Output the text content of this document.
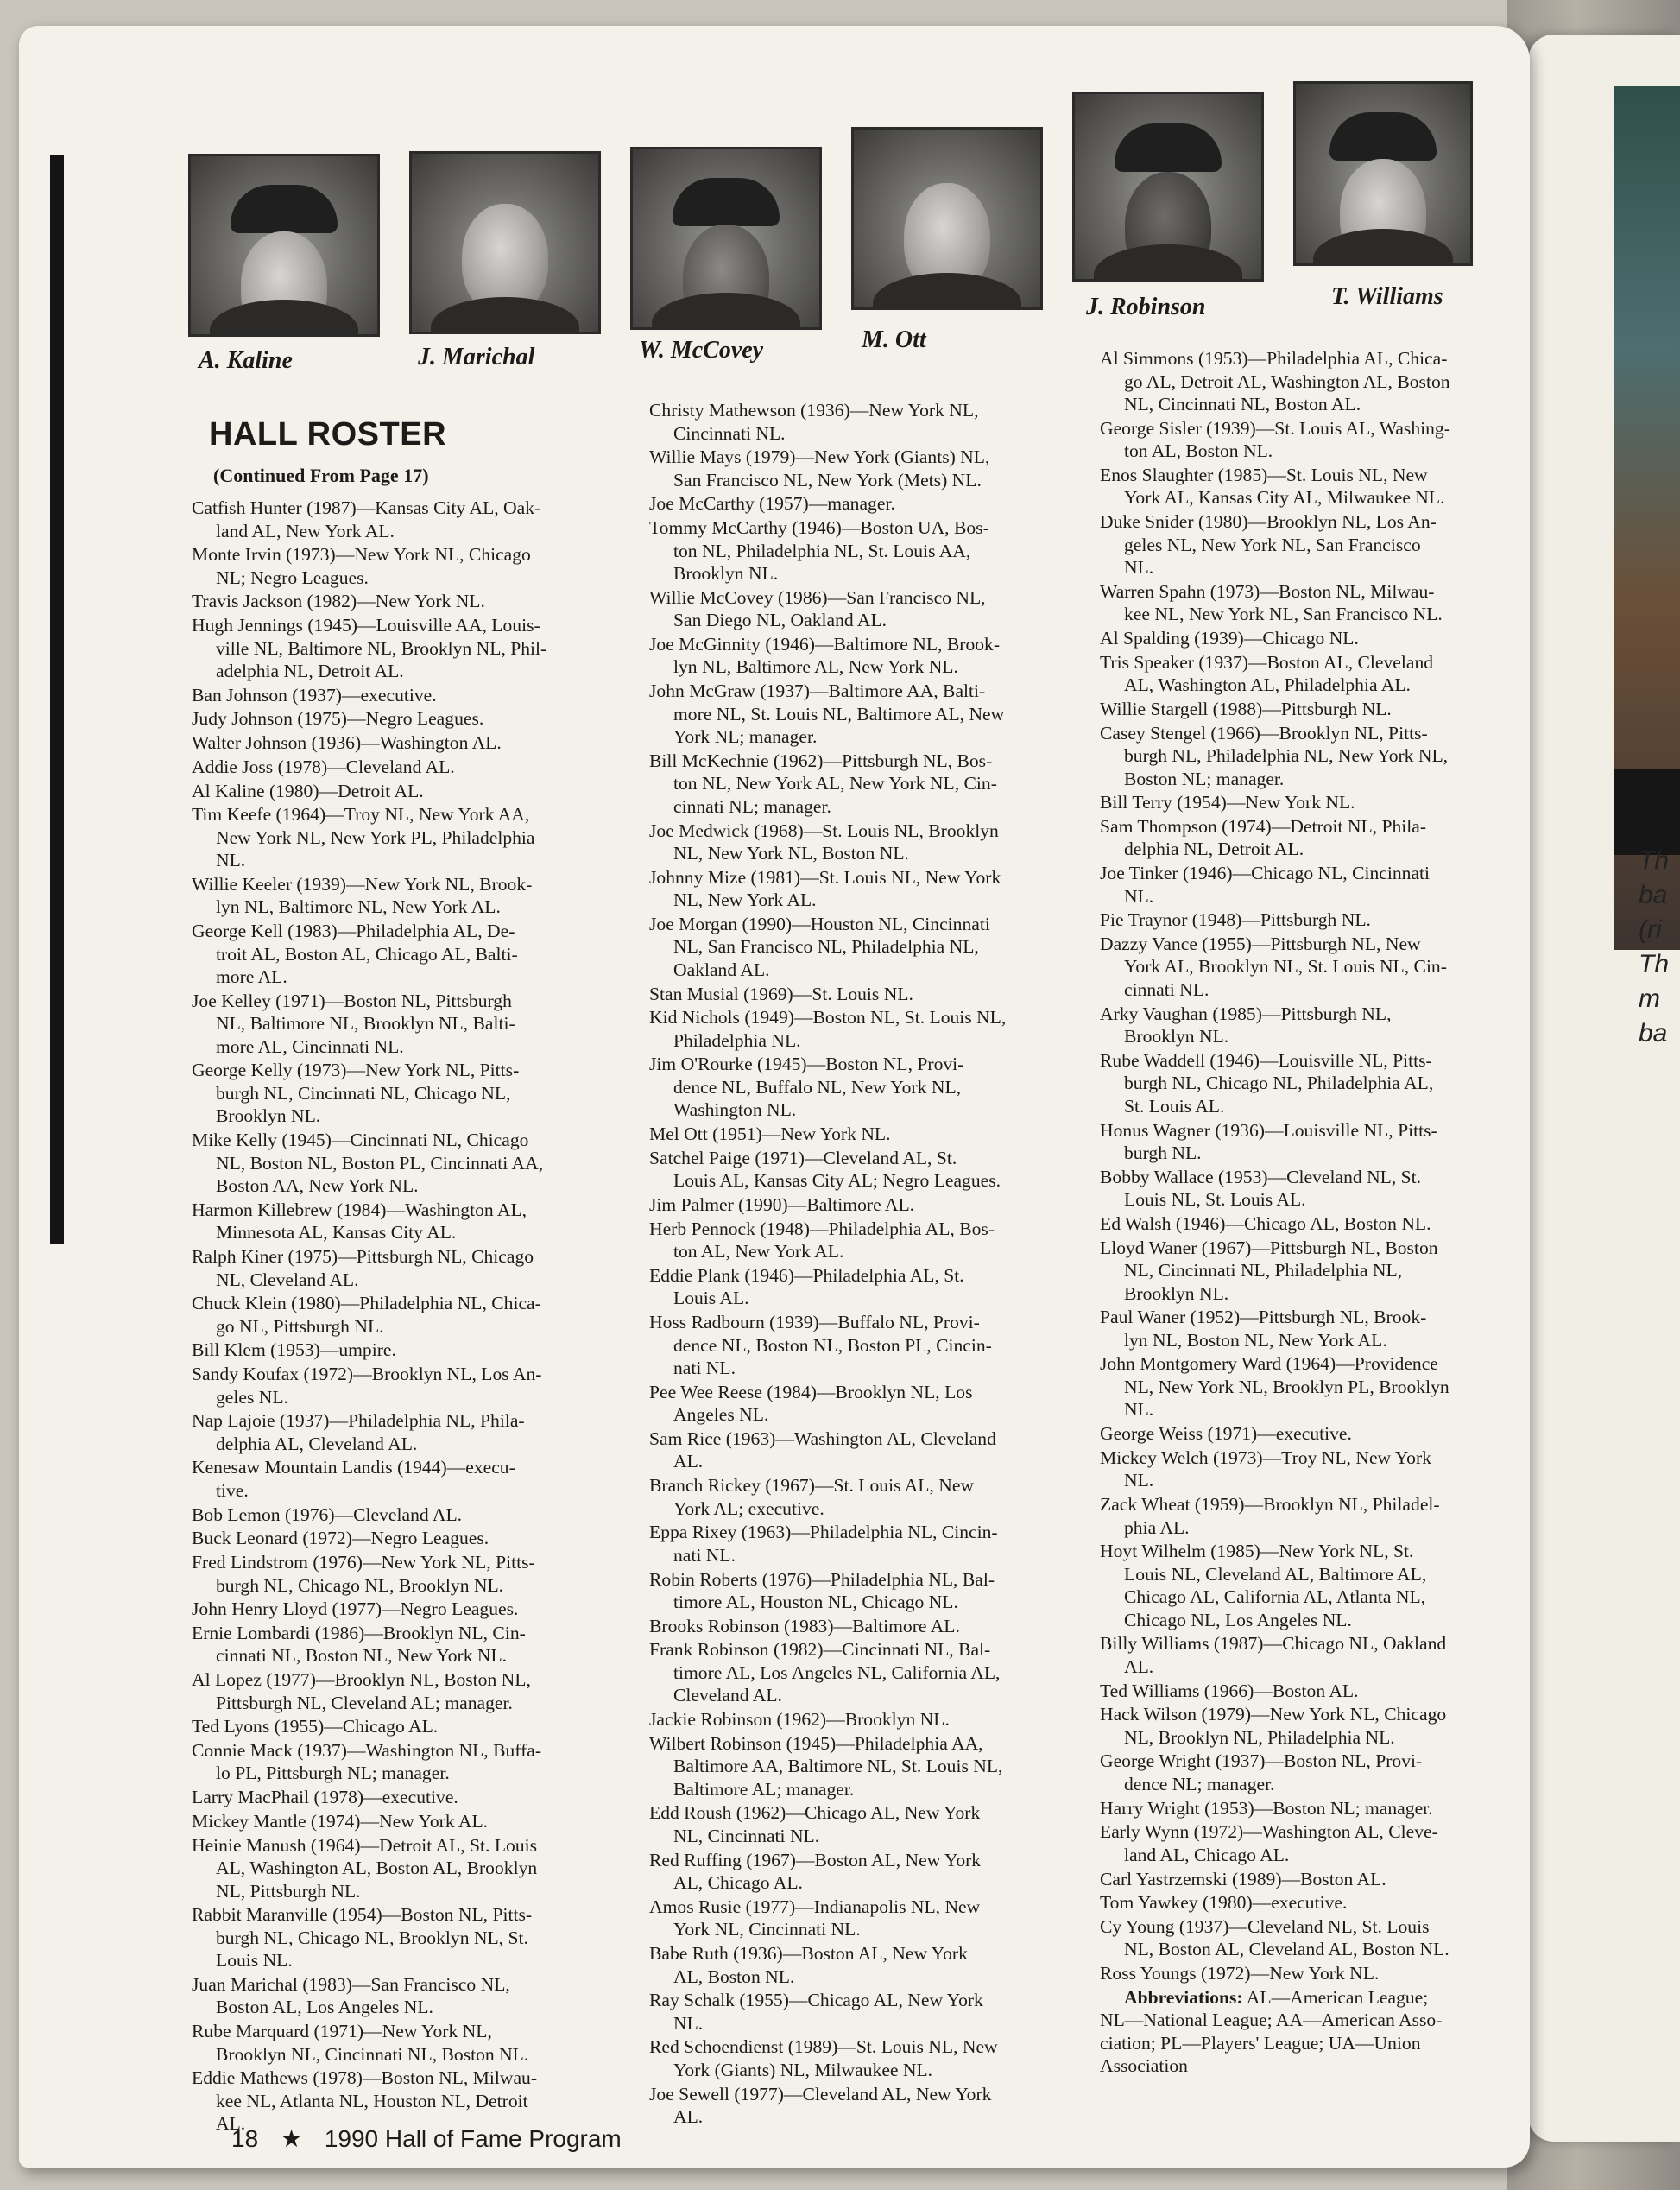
Th
ba
(ri
Th
m
ba
A. Kaline	J. Marichal	W. McCovey	M. Ott
J. Robinson	T. Williams
HALL ROSTER
(Continued From Page 17)
Catfish Hunter (1987)—Kansas City AL, Oak-
land AL, New York AL.
Monte Irvin (1973)—New York NL, Chicago
NL; Negro Leagues.
Travis Jackson (1982)—New York NL.
Hugh Jennings (1945)—Louisville AA, Louis-
ville NL, Baltimore NL, Brooklyn NL, Phil-
adelphia NL, Detroit AL.
Ban Johnson (1937)—executive.
Judy Johnson (1975)—Negro Leagues.
Walter Johnson (1936)—Washington AL.
Addie Joss (1978)—Cleveland AL.
Al Kaline (1980)—Detroit AL.
Tim Keefe (1964)—Troy NL, New York AA,
New York NL, New York PL, Philadelphia
NL.
Willie Keeler (1939)—New York NL, Brook-
lyn NL, Baltimore NL, New York AL.
George Kell (1983)—Philadelphia AL, De-
troit AL, Boston AL, Chicago AL, Balti-
more AL.
Joe Kelley (1971)—Boston NL, Pittsburgh
NL, Baltimore NL, Brooklyn NL, Balti-
more AL, Cincinnati NL.
George Kelly (1973)—New York NL, Pitts-
burgh NL, Cincinnati NL, Chicago NL,
Brooklyn NL.
Mike Kelly (1945)—Cincinnati NL, Chicago
NL, Boston NL, Boston PL, Cincinnati AA,
Boston AA, New York NL.
Harmon Killebrew (1984)—Washington AL,
Minnesota AL, Kansas City AL.
Ralph Kiner (1975)—Pittsburgh NL, Chicago
NL, Cleveland AL.
Chuck Klein (1980)—Philadelphia NL, Chica-
go NL, Pittsburgh NL.
Bill Klem (1953)—umpire.
Sandy Koufax (1972)—Brooklyn NL, Los An-
geles NL.
Nap Lajoie (1937)—Philadelphia NL, Phila-
delphia AL, Cleveland AL.
Kenesaw Mountain Landis (1944)—execu-
tive.
Bob Lemon (1976)—Cleveland AL.
Buck Leonard (1972)—Negro Leagues.
Fred Lindstrom (1976)—New York NL, Pitts-
burgh NL, Chicago NL, Brooklyn NL.
John Henry Lloyd (1977)—Negro Leagues.
Ernie Lombardi (1986)—Brooklyn NL, Cin-
cinnati NL, Boston NL, New York NL.
Al Lopez (1977)—Brooklyn NL, Boston NL,
Pittsburgh NL, Cleveland AL; manager.
Ted Lyons (1955)—Chicago AL.
Connie Mack (1937)—Washington NL, Buffa-
lo PL, Pittsburgh NL; manager.
Larry MacPhail (1978)—executive.
Mickey Mantle (1974)—New York AL.
Heinie Manush (1964)—Detroit AL, St. Louis
AL, Washington AL, Boston AL, Brooklyn
NL, Pittsburgh NL.
Rabbit Maranville (1954)—Boston NL, Pitts-
burgh NL, Chicago NL, Brooklyn NL, St.
Louis NL.
Juan Marichal (1983)—San Francisco NL,
Boston AL, Los Angeles NL.
Rube Marquard (1971)—New York NL,
Brooklyn NL, Cincinnati NL, Boston NL.
Eddie Mathews (1978)—Boston NL, Milwau-
kee NL, Atlanta NL, Houston NL, Detroit
AL.
Christy Mathewson (1936)—New York NL,
Cincinnati NL.
Willie Mays (1979)—New York (Giants) NL,
San Francisco NL, New York (Mets) NL.
Joe McCarthy (1957)—manager.
Tommy McCarthy (1946)—Boston UA, Bos-
ton NL, Philadelphia NL, St. Louis AA,
Brooklyn NL.
Willie McCovey (1986)—San Francisco NL,
San Diego NL, Oakland AL.
Joe McGinnity (1946)—Baltimore NL, Brook-
lyn NL, Baltimore AL, New York NL.
John McGraw (1937)—Baltimore AA, Balti-
more NL, St. Louis NL, Baltimore AL, New
York NL; manager.
Bill McKechnie (1962)—Pittsburgh NL, Bos-
ton NL, New York AL, New York NL, Cin-
cinnati NL; manager.
Joe Medwick (1968)—St. Louis NL, Brooklyn
NL, New York NL, Boston NL.
Johnny Mize (1981)—St. Louis NL, New York
NL, New York AL.
Joe Morgan (1990)—Houston NL, Cincinnati
NL, San Francisco NL, Philadelphia NL,
Oakland AL.
Stan Musial (1969)—St. Louis NL.
Kid Nichols (1949)—Boston NL, St. Louis NL,
Philadelphia NL.
Jim O'Rourke (1945)—Boston NL, Provi-
dence NL, Buffalo NL, New York NL,
Washington NL.
Mel Ott (1951)—New York NL.
Satchel Paige (1971)—Cleveland AL, St.
Louis AL, Kansas City AL; Negro Leagues.
Jim Palmer (1990)—Baltimore AL.
Herb Pennock (1948)—Philadelphia AL, Bos-
ton AL, New York AL.
Eddie Plank (1946)—Philadelphia AL, St.
Louis AL.
Hoss Radbourn (1939)—Buffalo NL, Provi-
dence NL, Boston NL, Boston PL, Cincin-
nati NL.
Pee Wee Reese (1984)—Brooklyn NL, Los
Angeles NL.
Sam Rice (1963)—Washington AL, Cleveland
AL.
Branch Rickey (1967)—St. Louis AL, New
York AL; executive.
Eppa Rixey (1963)—Philadelphia NL, Cincin-
nati NL.
Robin Roberts (1976)—Philadelphia NL, Bal-
timore AL, Houston NL, Chicago NL.
Brooks Robinson (1983)—Baltimore AL.
Frank Robinson (1982)—Cincinnati NL, Bal-
timore AL, Los Angeles NL, California AL,
Cleveland AL.
Jackie Robinson (1962)—Brooklyn NL.
Wilbert Robinson (1945)—Philadelphia AA,
Baltimore AA, Baltimore NL, St. Louis NL,
Baltimore AL; manager.
Edd Roush (1962)—Chicago AL, New York
NL, Cincinnati NL.
Red Ruffing (1967)—Boston AL, New York
AL, Chicago AL.
Amos Rusie (1977)—Indianapolis NL, New
York NL, Cincinnati NL.
Babe Ruth (1936)—Boston AL, New York
AL, Boston NL.
Ray Schalk (1955)—Chicago AL, New York
NL.
Red Schoendienst (1989)—St. Louis NL, New
York (Giants) NL, Milwaukee NL.
Joe Sewell (1977)—Cleveland AL, New York
AL.
Al Simmons (1953)—Philadelphia AL, Chica-
go AL, Detroit AL, Washington AL, Boston
NL, Cincinnati NL, Boston AL.
George Sisler (1939)—St. Louis AL, Washing-
ton AL, Boston NL.
Enos Slaughter (1985)—St. Louis NL, New
York AL, Kansas City AL, Milwaukee NL.
Duke Snider (1980)—Brooklyn NL, Los An-
geles NL, New York NL, San Francisco
NL.
Warren Spahn (1973)—Boston NL, Milwau-
kee NL, New York NL, San Francisco NL.
Al Spalding (1939)—Chicago NL.
Tris Speaker (1937)—Boston AL, Cleveland
AL, Washington AL, Philadelphia AL.
Willie Stargell (1988)—Pittsburgh NL.
Casey Stengel (1966)—Brooklyn NL, Pitts-
burgh NL, Philadelphia NL, New York NL,
Boston NL; manager.
Bill Terry (1954)—New York NL.
Sam Thompson (1974)—Detroit NL, Phila-
delphia NL, Detroit AL.
Joe Tinker (1946)—Chicago NL, Cincinnati
NL.
Pie Traynor (1948)—Pittsburgh NL.
Dazzy Vance (1955)—Pittsburgh NL, New
York AL, Brooklyn NL, St. Louis NL, Cin-
cinnati NL.
Arky Vaughan (1985)—Pittsburgh NL,
Brooklyn NL.
Rube Waddell (1946)—Louisville NL, Pitts-
burgh NL, Chicago NL, Philadelphia AL,
St. Louis AL.
Honus Wagner (1936)—Louisville NL, Pitts-
burgh NL.
Bobby Wallace (1953)—Cleveland NL, St.
Louis NL, St. Louis AL.
Ed Walsh (1946)—Chicago AL, Boston NL.
Lloyd Waner (1967)—Pittsburgh NL, Boston
NL, Cincinnati NL, Philadelphia NL,
Brooklyn NL.
Paul Waner (1952)—Pittsburgh NL, Brook-
lyn NL, Boston NL, New York AL.
John Montgomery Ward (1964)—Providence
NL, New York NL, Brooklyn PL, Brooklyn
NL.
George Weiss (1971)—executive.
Mickey Welch (1973)—Troy NL, New York
NL.
Zack Wheat (1959)—Brooklyn NL, Philadel-
phia AL.
Hoyt Wilhelm (1985)—New York NL, St.
Louis NL, Cleveland AL, Baltimore AL,
Chicago AL, California AL, Atlanta NL,
Chicago NL, Los Angeles NL.
Billy Williams (1987)—Chicago NL, Oakland
AL.
Ted Williams (1966)—Boston AL.
Hack Wilson (1979)—New York NL, Chicago
NL, Brooklyn NL, Philadelphia NL.
George Wright (1937)—Boston NL, Provi-
dence NL; manager.
Harry Wright (1953)—Boston NL; manager.
Early Wynn (1972)—Washington AL, Cleve-
land AL, Chicago AL.
Carl Yastrzemski (1989)—Boston AL.
Tom Yawkey (1980)—executive.
Cy Young (1937)—Cleveland NL, St. Louis
NL, Boston AL, Cleveland AL, Boston NL.
Ross Youngs (1972)—New York NL.
Abbreviations: AL—American League;
NL—National League; AA—American Asso-
ciation; PL—Players' League; UA—Union
Association
18 ★ 1990 Hall of Fame Program
